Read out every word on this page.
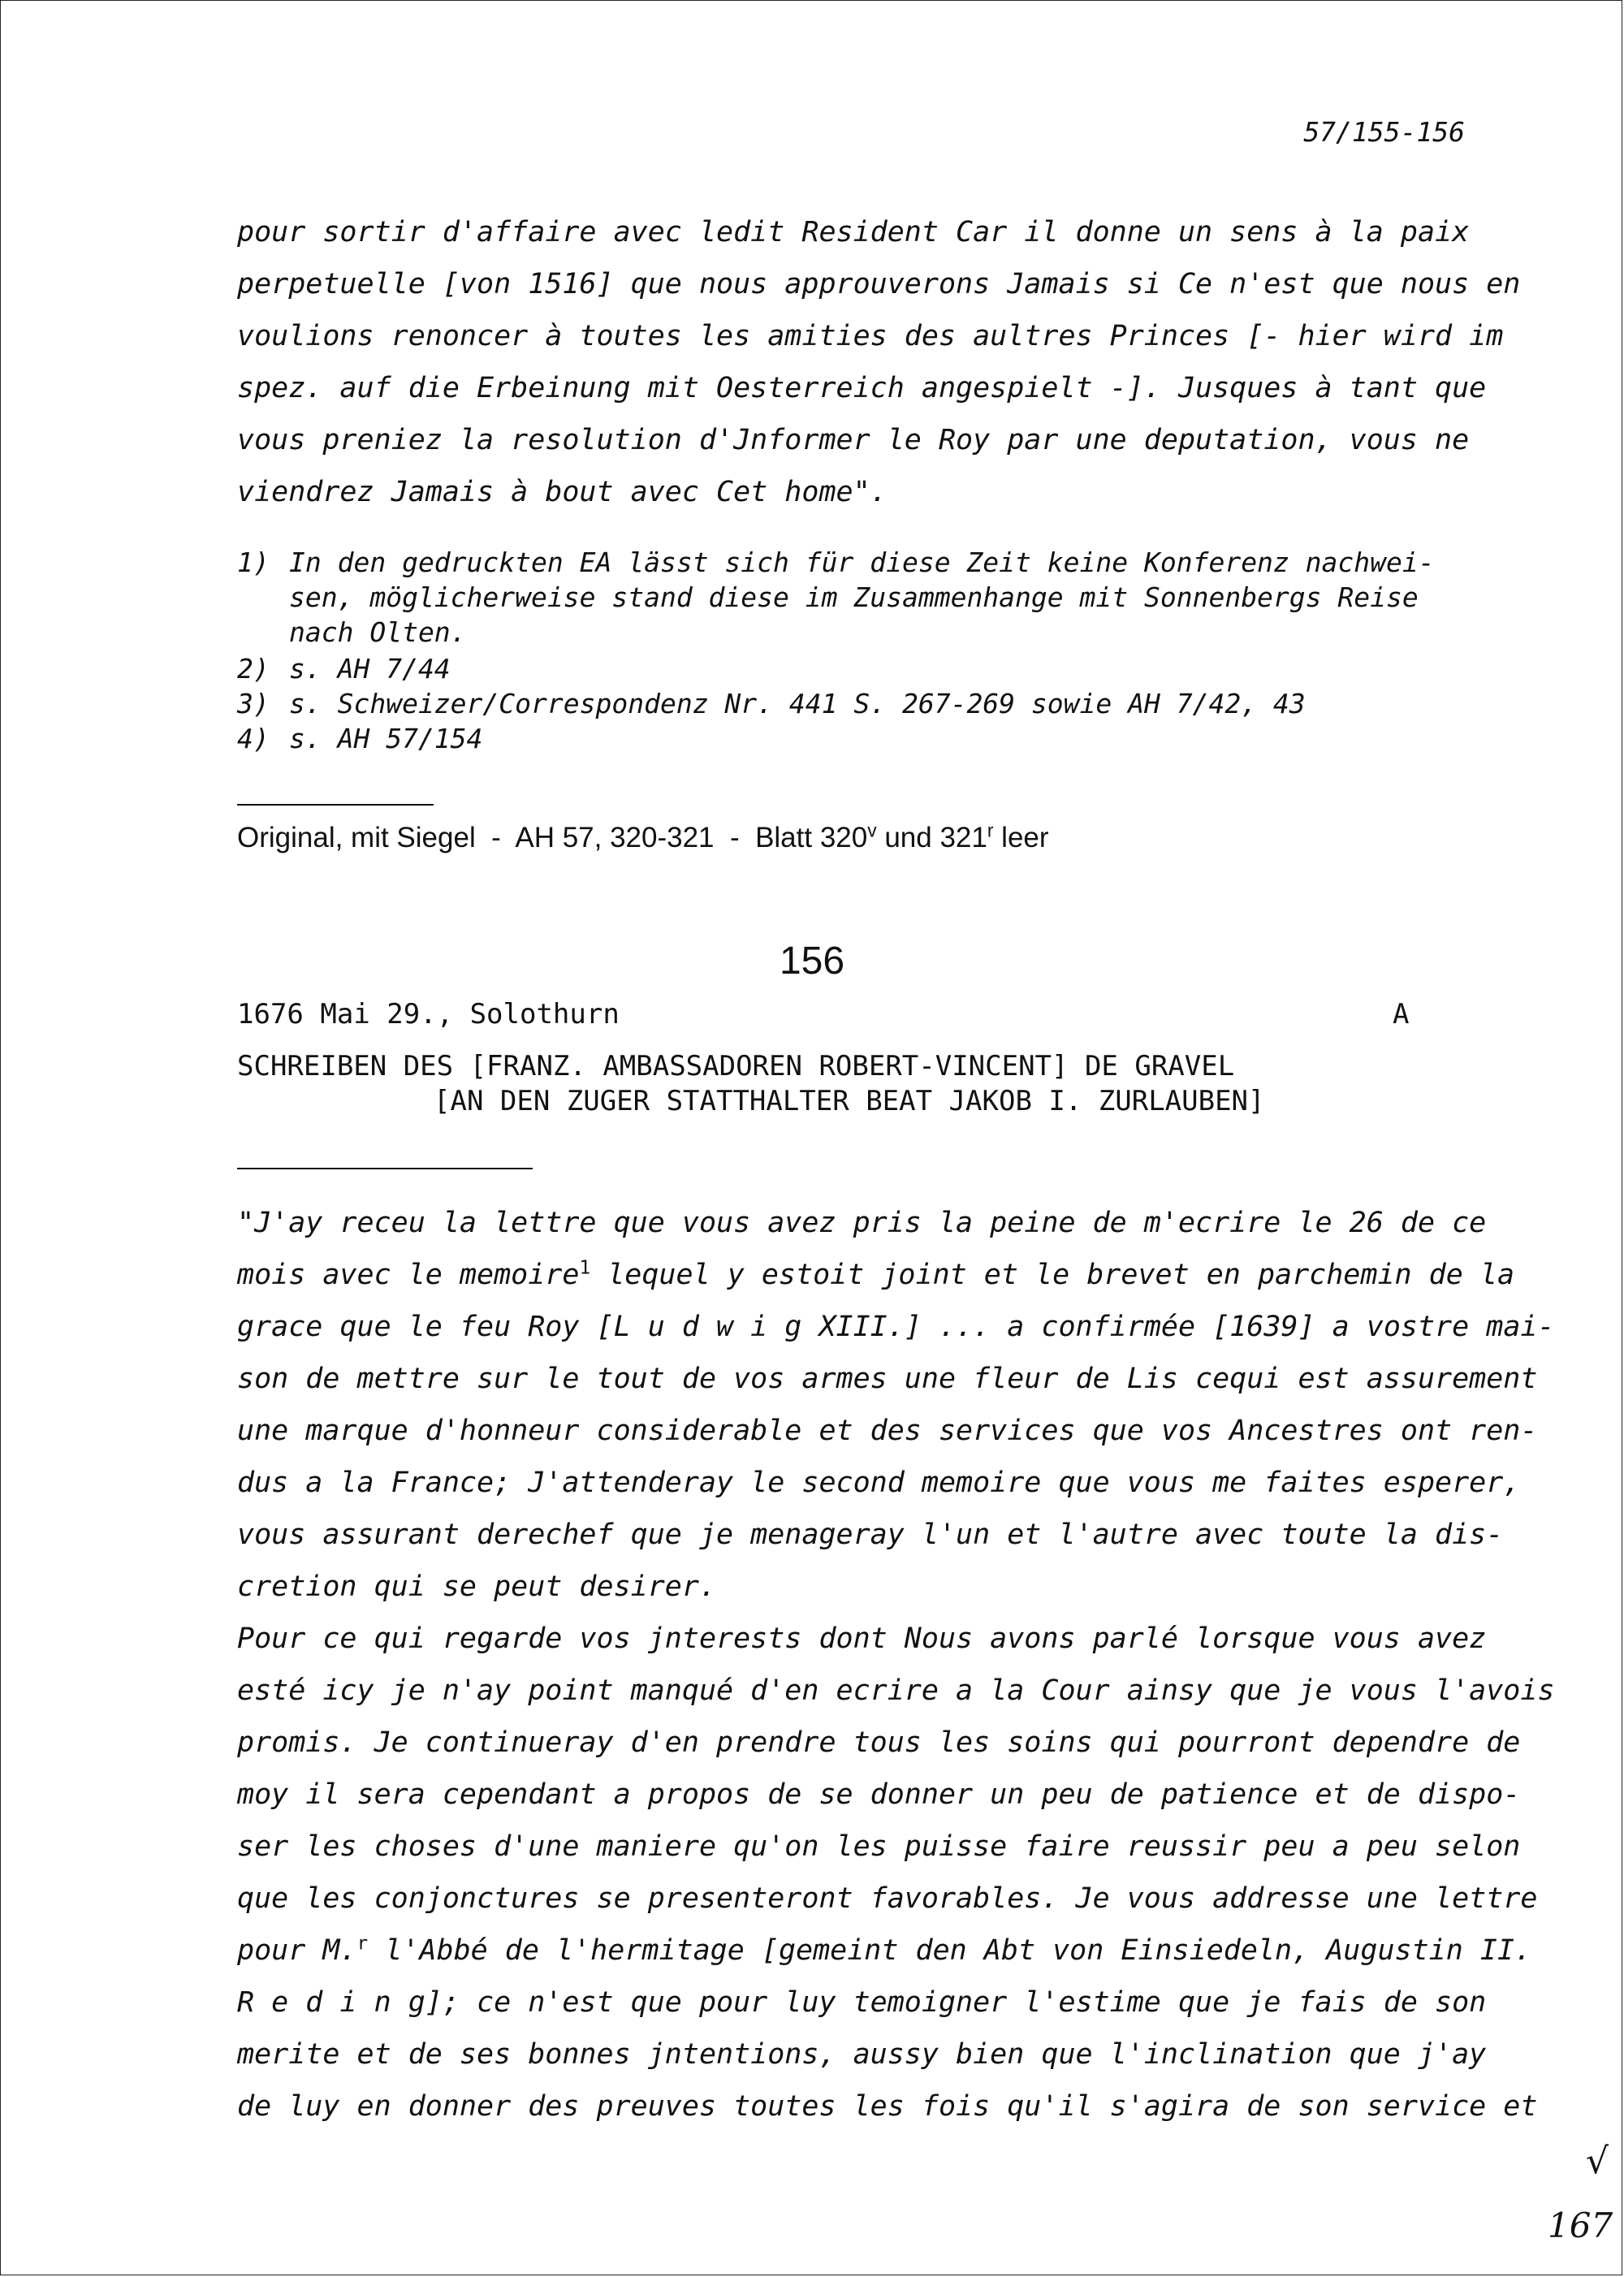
57/155-156
pour sortir d'affaire avec ledit Resident Car il donne un sens à la paix
perpetuelle [von 1516] que nous approuverons Jamais si Ce n'est que nous en
voulions renoncer à toutes les amities des aultres Princes [- hier wird im
spez. auf die Erbeinung mit Oesterreich angespielt -]. Jusques à tant que
vous preniez la resolution d'Jnformer le Roy par une deputation, vous ne
viendrez Jamais à bout avec Cet home".
1) In den gedruckten EA lässt sich für diese Zeit keine Konferenz nachwei-
sen, möglicherweise stand diese im Zusammenhange mit Sonnenbergs Reise
nach Olten.
2) s. AH 7/44
3) s. Schweizer/Correspondenz Nr. 441 S. 267-269 sowie AH 7/42, 43
4) s. AH 57/154
Original, mit Siegel  -  AH 57, 320-321  -  Blatt 320$^v$ und 321$^r$ leer
156
1676 Mai 29., Solothurn	A
SCHREIBEN DES [FRANZ. AMBASSADOREN ROBERT-VINCENT] DE GRAVEL
[AN DEN ZUGER STATTHALTER BEAT JAKOB I. ZURLAUBEN]
"J'ay receu la lettre que vous avez pris la peine de m'ecrire le 26 de ce
mois avec le memoire$^1$ lequel y estoit joint et le brevet en parchemin de la
grace que le feu Roy [L u d w i g XIII.] ... a confirmée [1639] a vostre mai-
son de mettre sur le tout de vos armes une fleur de Lis cequi est assurement
une marque d'honneur considerable et des services que vos Ancestres ont ren-
dus a la France; J'attenderay le second memoire que vous me faites esperer,
vous assurant derechef que je menageray l'un et l'autre avec toute la dis-
cretion qui se peut desirer.
Pour ce qui regarde vos jnterests dont Nous avons parlé lorsque vous avez
esté icy je n'ay point manqué d'en ecrire a la Cour ainsy que je vous l'avois
promis. Je continueray d'en prendre tous les soins qui pourront dependre de
moy il sera cependant a propos de se donner un peu de patience et de dispo-
ser les choses d'une maniere qu'on les puisse faire reussir peu a peu selon
que les conjonctures se presenteront favorables. Je vous addresse une lettre
pour M.$^r$ l'Abbé de l'hermitage [gemeint den Abt von Einsiedeln, Augustin II.
R e d i n g]; ce n'est que pour luy temoigner l'estime que je fais de son
merite et de ses bonnes jntentions, aussy bien que l'inclination que j'ay
de luy en donner des preuves toutes les fois qu'il s'agira de son service et
√
167
